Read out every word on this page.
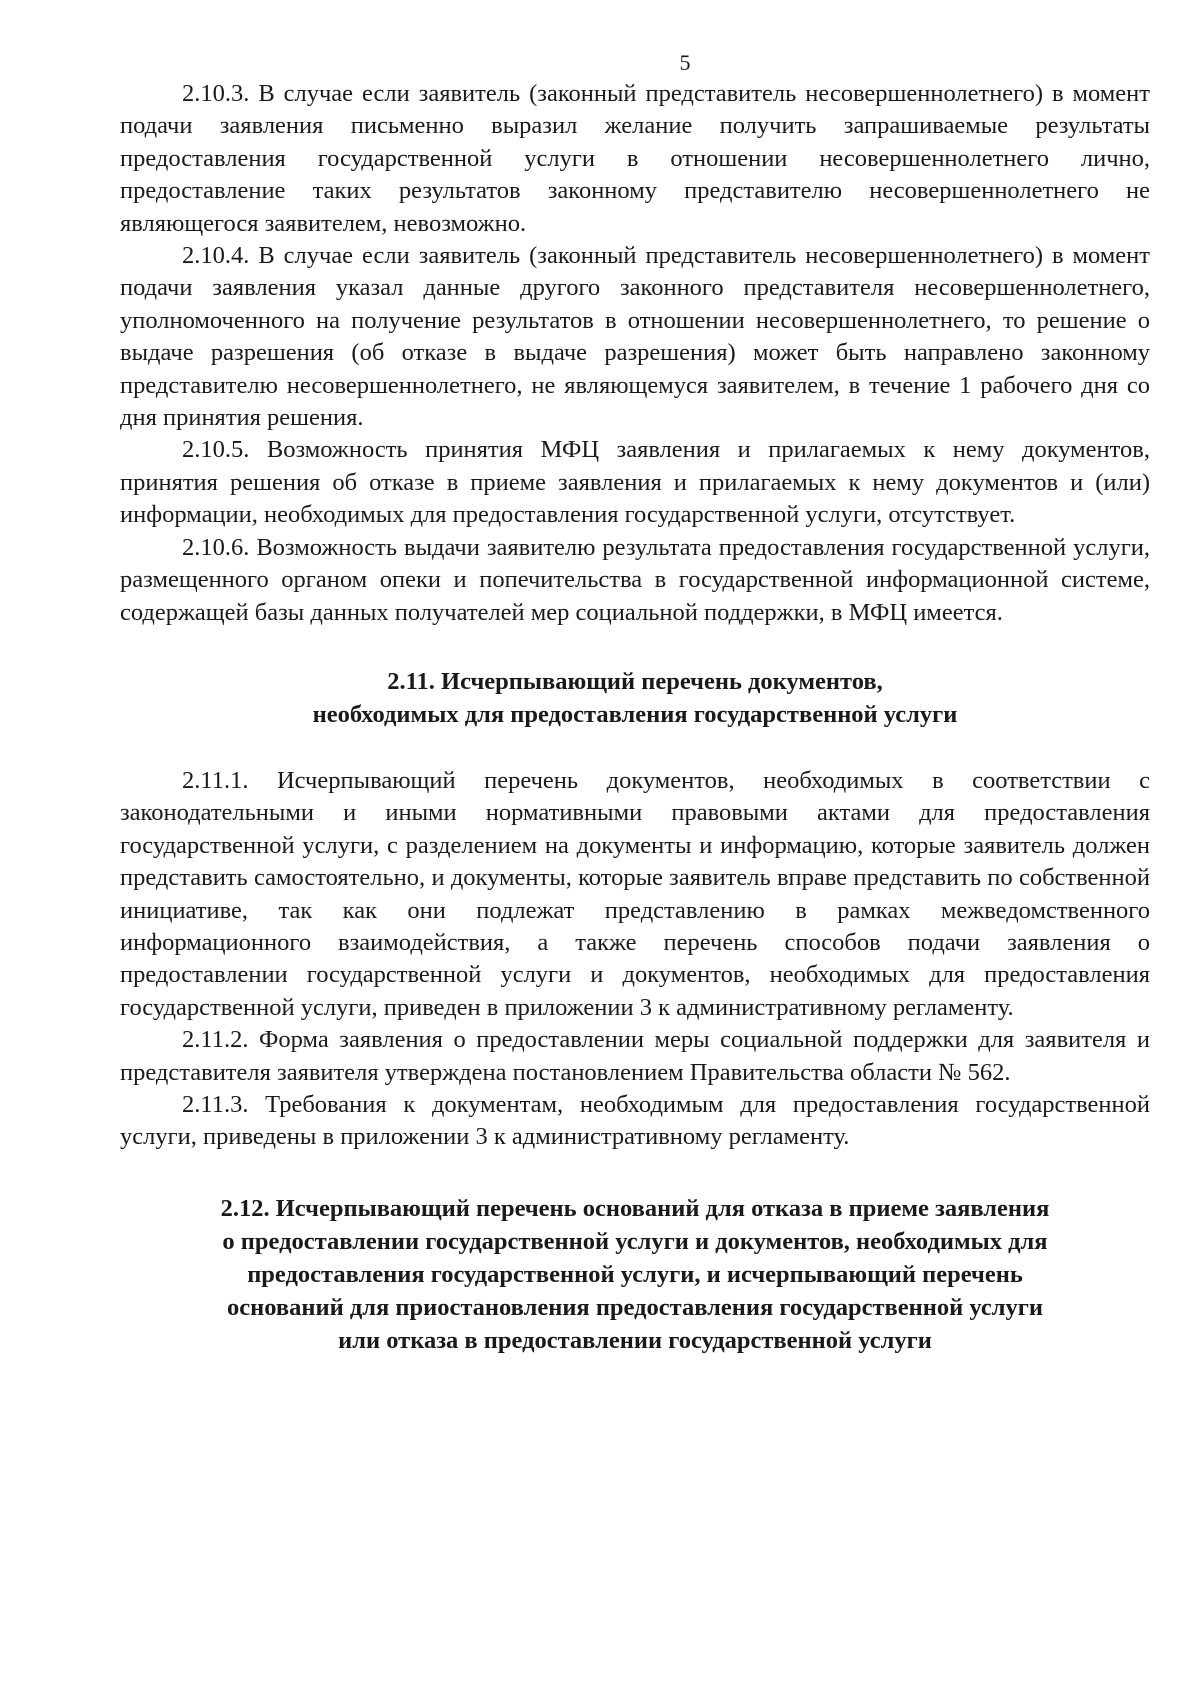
5

2.10.3. В случае если заявитель (законный представитель несовершеннолетнего) в момент подачи заявления письменно выразил желание получить запрашиваемые результаты предоставления государственной услуги в отношении несовершеннолетнего лично, предоставление таких результатов законному представителю несовершеннолетнего не являющегося заявителем, невозможно.

2.10.4. В случае если заявитель (законный представитель несовершеннолетнего) в момент подачи заявления указал данные другого законного представителя несовершеннолетнего, уполномоченного на получение результатов в отношении несовершеннолетнего, то решение о выдаче разрешения (об отказе в выдаче разрешения) может быть направлено законному представителю несовершеннолетнего, не являющемуся заявителем, в течение 1 рабочего дня со дня принятия решения.

2.10.5. Возможность принятия МФЦ заявления и прилагаемых к нему документов, принятия решения об отказе в приеме заявления и прилагаемых к нему документов и (или) информации, необходимых для предоставления государственной услуги, отсутствует.

2.10.6. Возможность выдачи заявителю результата предоставления государственной услуги, размещенного органом опеки и попечительства в государственной информационной системе, содержащей базы данных получателей мер социальной поддержки, в МФЦ имеется.

2.11. Исчерпывающий перечень документов,
необходимых для предоставления государственной услуги

2.11.1. Исчерпывающий перечень документов, необходимых в соответствии с законодательными и иными нормативными правовыми актами для предоставления государственной услуги, с разделением на документы и информацию, которые заявитель должен представить самостоятельно, и документы, которые заявитель вправе представить по собственной инициативе, так как они подлежат представлению в рамках межведомственного информационного взаимодействия, а также перечень способов подачи заявления о предоставлении государственной услуги и документов, необходимых для предоставления государственной услуги, приведен в приложении 3 к административному регламенту.

2.11.2. Форма заявления о предоставлении меры социальной поддержки для заявителя и представителя заявителя утверждена постановлением Правительства области № 562.

2.11.3. Требования к документам, необходимым для предоставления государственной услуги, приведены в приложении 3 к административному регламенту.

2.12. Исчерпывающий перечень оснований для отказа в приеме заявления
о предоставлении государственной услуги и документов, необходимых для
предоставления государственной услуги, и исчерпывающий перечень
оснований для приостановления предоставления государственной услуги
или отказа в предоставлении государственной услуги
